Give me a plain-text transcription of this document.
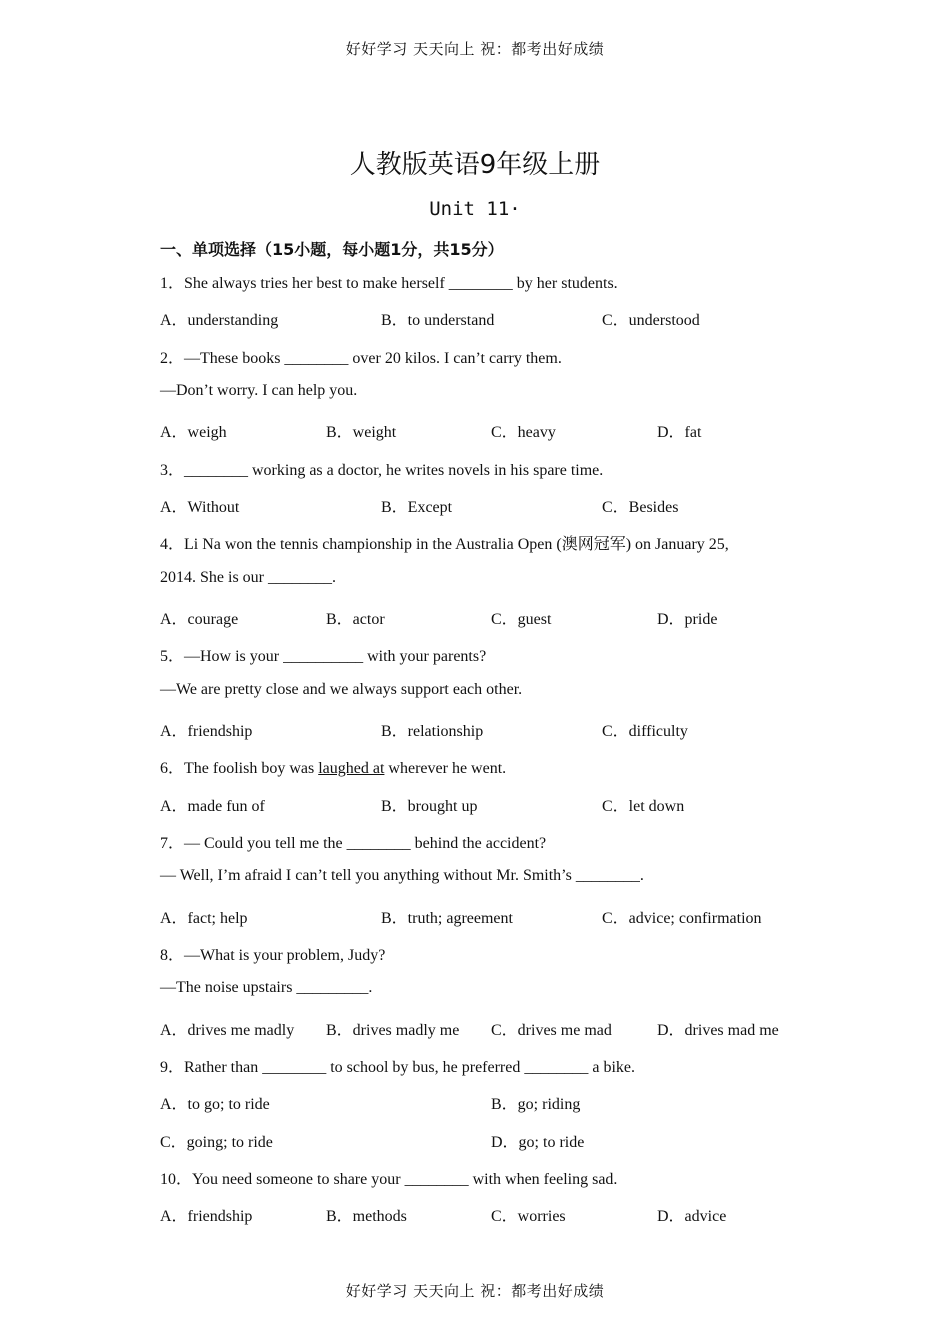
好好学习 天天向上 祝：都考出好成绩
人教版英语9年级上册
Unit 11·
一、单项选择（15小题，每小题1分，共15分）
1．She always tries her best to make herself ________ by her students.
A．understanding	B．to understand	C．understood
2．—These books ________ over 20 kilos. I can’t carry them.
—Don’t worry. I can help you.
A．weigh	B．weight	C．heavy	D．fat
3．________ working as a doctor, he writes novels in his spare time.
A．Without	B．Except	C．Besides
4．Li Na won the tennis championship in the Australia Open (澳网冠军) on January 25,
2014. She is our ________.
A．courage	B．actor	C．guest	D．pride
5．—How is your __________ with your parents?
—We are pretty close and we always support each other.
A．friendship	B．relationship	C．difficulty
6．The foolish boy was laughed at wherever he went.
A．made fun of	B．brought up	C．let down
7．— Could you tell me the ________ behind the accident?
— Well, I’m afraid I can’t tell you anything without Mr. Smith’s ________.
A．fact; help	B．truth; agreement	C．advice; confirmation
8．—What is your problem, Judy?
—The noise upstairs _________.
A．drives me madly B．drives madly me C．drives me mad	D．drives mad me
9．Rather than ________ to school by bus, he preferred ________ a bike.
A．to go; to ride	B．go; riding
C．going; to ride	D．go; to ride
10．You need someone to share your ________ with when feeling sad.
A．friendship	B．methods	C．worries	D．advice
好好学习 天天向上 祝：都考出好成绩
